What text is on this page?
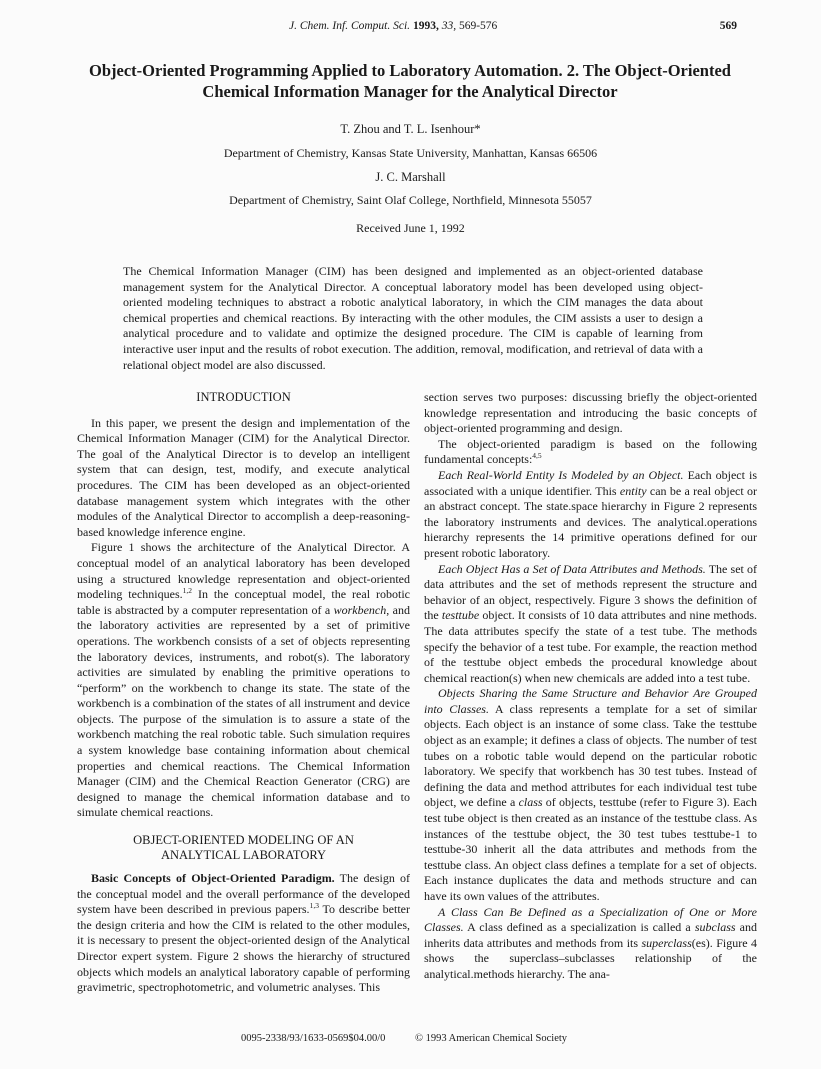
J. Chem. Inf. Comput. Sci. 1993, 33, 569-576	569
Object-Oriented Programming Applied to Laboratory Automation. 2. The Object-Oriented Chemical Information Manager for the Analytical Director
T. Zhou and T. L. Isenhour*
Department of Chemistry, Kansas State University, Manhattan, Kansas 66506
J. C. Marshall
Department of Chemistry, Saint Olaf College, Northfield, Minnesota 55057
Received June 1, 1992

The Chemical Information Manager (CIM) has been designed and implemented as an object-oriented database management system for the Analytical Director. A conceptual laboratory model has been developed using object-oriented modeling techniques to abstract a robotic analytical laboratory, in which the CIM manages the data about chemical properties and chemical reactions. By interacting with the other modules, the CIM assists a user to design a analytical procedure and to validate and optimize the designed procedure. The CIM is capable of learning from interactive user input and the results of robot execution. The addition, removal, modification, and retrieval of data with a relational object model are also discussed.

INTRODUCTION

In this paper, we present the design and implementation of the Chemical Information Manager (CIM) for the Analytical Director. The goal of the Analytical Director is to develop an intelligent system that can design, test, modify, and execute analytical procedures. The CIM has been developed as an object-oriented database management system which integrates with the other modules of the Analytical Director to accomplish a deep-reasoning-based knowledge inference engine.

Figure 1 shows the architecture of the Analytical Director. A conceptual model of an analytical laboratory has been developed using a structured knowledge representation and object-oriented modeling techniques.$^{1,2}$ In the conceptual model, the real robotic table is abstracted by a computer representation of a workbench, and the laboratory activities are represented by a set of primitive operations. The workbench consists of a set of objects representing the laboratory devices, instruments, and robot(s). The laboratory activities are simulated by enabling the primitive operations to “perform” on the workbench to change its state. The state of the workbench is a combination of the states of all instrument and device objects. The purpose of the simulation is to assure a state of the workbench matching the real robotic table. Such simulation requires a system knowledge base containing information about chemical properties and chemical reactions. The Chemical Information Manager (CIM) and the Chemical Reaction Generator (CRG) are designed to manage the chemical information database and to simulate chemical reactions.

OBJECT-ORIENTED MODELING OF AN
ANALYTICAL LABORATORY

Basic Concepts of Object-Oriented Paradigm. The design of the conceptual model and the overall performance of the developed system have been described in previous papers.$^{1,3}$ To describe better the design criteria and how the CIM is related to the other modules, it is necessary to present the object-oriented design of the Analytical Director expert system. Figure 2 shows the hierarchy of structured objects which models an analytical laboratory capable of performing gravimetric, spectrophotometric, and volumetric analyses. This

section serves two purposes: discussing briefly the object-oriented knowledge representation and introducing the basic concepts of object-oriented programming and design.

The object-oriented paradigm is based on the following fundamental concepts:$^{4,5}$

Each Real-World Entity Is Modeled by an Object. Each object is associated with a unique identifier. This entity can be a real object or an abstract concept. The state.space hierarchy in Figure 2 represents the laboratory instruments and devices. The analytical.operations hierarchy represents the 14 primitive operations defined for our present robotic laboratory.

Each Object Has a Set of Data Attributes and Methods. The set of data attributes and the set of methods represent the structure and behavior of an object, respectively. Figure 3 shows the definition of the testtube object. It consists of 10 data attributes and nine methods. The data attributes specify the state of a test tube. The methods specify the behavior of a test tube. For example, the reaction method of the testtube object embeds the procedural knowledge about chemical reaction(s) when new chemicals are added into a test tube.

Objects Sharing the Same Structure and Behavior Are Grouped into Classes. A class represents a template for a set of similar objects. Each object is an instance of some class. Take the testtube object as an example; it defines a class of objects. The number of test tubes on a robotic table would depend on the particular robotic laboratory. We specify that workbench has 30 test tubes. Instead of defining the data and method attributes for each individual test tube object, we define a class of objects, testtube (refer to Figure 3). Each test tube object is then created as an instance of the testtube class. As instances of the testtube object, the 30 test tubes testtube-1 to testtube-30 inherit all the data attributes and methods from the testtube class. An object class defines a template for a set of objects. Each instance duplicates the data and methods structure and can have its own values of the attributes.

A Class Can Be Defined as a Specialization of One or More Classes. A class defined as a specialization is called a subclass and inherits data attributes and methods from its superclass(es). Figure 4 shows the superclass–subclasses relationship of the analytical.methods hierarchy. The ana-

0095-2338/93/1633-0569$04.00/0	© 1993 American Chemical Society
